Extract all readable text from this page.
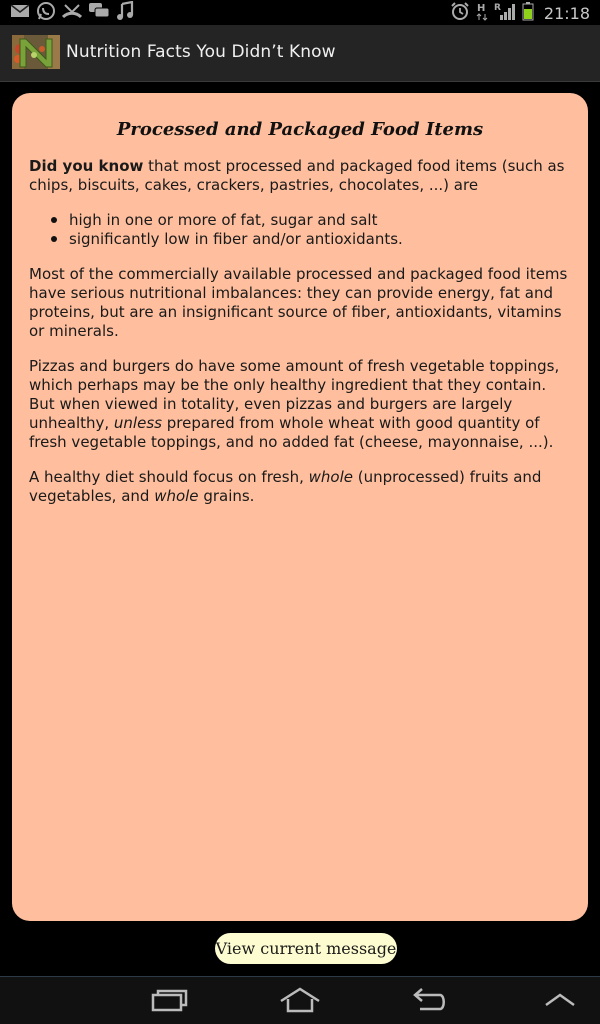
H R	21:18
Nutrition Facts You Didn’t Know
Processed and Packaged Food Items

Did you know that most processed and packaged food items (such as chips, biscuits, cakes, crackers, pastries, chocolates, ...) are

high in one or more of fat, sugar and salt
significantly low in fiber and/or antioxidants.

Most of the commercially available processed and packaged food items have serious nutritional imbalances: they can provide energy, fat and proteins, but are an insignificant source of fiber, antioxidants, vitamins or minerals.

Pizzas and burgers do have some amount of fresh vegetable toppings, which perhaps may be the only healthy ingredient that they contain. But when viewed in totality, even pizzas and burgers are largely unhealthy, unless prepared from whole wheat with good quantity of fresh vegetable toppings, and no added fat (cheese, mayonnaise, ...).

A healthy diet should focus on fresh, whole (unprocessed) fruits and vegetables, and whole grains.

View current message
